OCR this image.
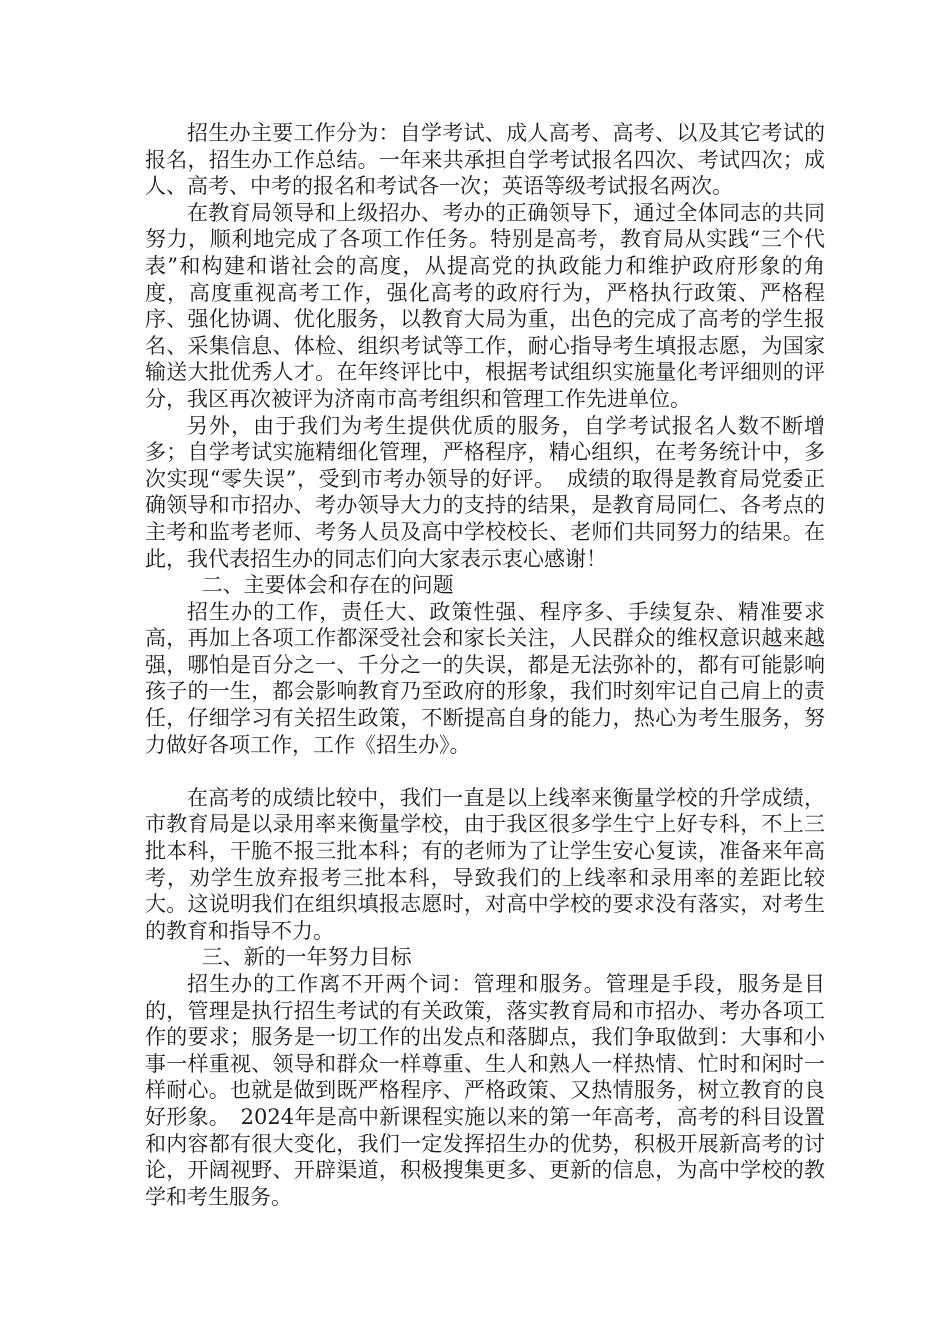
招生办主要工作分为：自学考试、成人高考、高考、以及其它考试的报名，招生办工作总结。一年来共承担自学考试报名四次、考试四次；成人、高考、中考的报名和考试各一次；英语等级考试报名两次。

在教育局领导和上级招办、考办的正确领导下，通过全体同志的共同努力，顺利地完成了各项工作任务。特别是高考，教育局从实践“三个代表”和构建和谐社会的高度，从提高党的执政能力和维护政府形象的角度，高度重视高考工作，强化高考的政府行为，严格执行政策、严格程序、强化协调、优化服务，以教育大局为重，出色的完成了高考的学生报名、采集信息、体检、组织考试等工作，耐心指导考生填报志愿，为国家输送大批优秀人才。在年终评比中，根据考试组织实施量化考评细则的评分，我区再次被评为济南市高考组织和管理工作先进单位。

另外，由于我们为考生提供优质的服务，自学考试报名人数不断增多；自学考试实施精细化管理，严格程序，精心组织，在考务统计中，多次实现“零失误”，受到市考办领导的好评。　成绩的取得是教育局党委正确领导和市招办、考办领导大力的支持的结果，是教育局同仁、各考点的主考和监考老师、考务人员及高中学校校长、老师们共同努力的结果。在此，我代表招生办的同志们向大家表示衷心感谢！

二、主要体会和存在的问题

招生办的工作，责任大、政策性强、程序多、手续复杂、精准要求高，再加上各项工作都深受社会和家长关注，人民群众的维权意识越来越强，哪怕是百分之一、千分之一的失误，都是无法弥补的，都有可能影响孩子的一生，都会影响教育乃至政府的形象，我们时刻牢记自己肩上的责任，仔细学习有关招生政策，不断提高自身的能力，热心为考生服务，努力做好各项工作，工作《招生办》。

在高考的成绩比较中，我们一直是以上线率来衡量学校的升学成绩，市教育局是以录用率来衡量学校，由于我区很多学生宁上好专科，不上三批本科，干脆不报三批本科；有的老师为了让学生安心复读，准备来年高考，劝学生放弃报考三批本科，导致我们的上线率和录用率的差距比较大。这说明我们在组织填报志愿时，对高中学校的要求没有落实，对考生的教育和指导不力。

三、新的一年努力目标

招生办的工作离不开两个词：管理和服务。管理是手段，服务是目的，管理是执行招生考试的有关政策，落实教育局和市招办、考办各项工作的要求；服务是一切工作的出发点和落脚点，我们争取做到：大事和小事一样重视、领导和群众一样尊重、生人和熟人一样热情、忙时和闲时一样耐心。也就是做到既严格程序、严格政策、又热情服务，树立教育的良好形象。　2024年是高中新课程实施以来的第一年高考，高考的科目设置和内容都有很大变化，我们一定发挥招生办的优势，积极开展新高考的讨论，开阔视野、开辟渠道，积极搜集更多、更新的信息，为高中学校的教学和考生服务。
